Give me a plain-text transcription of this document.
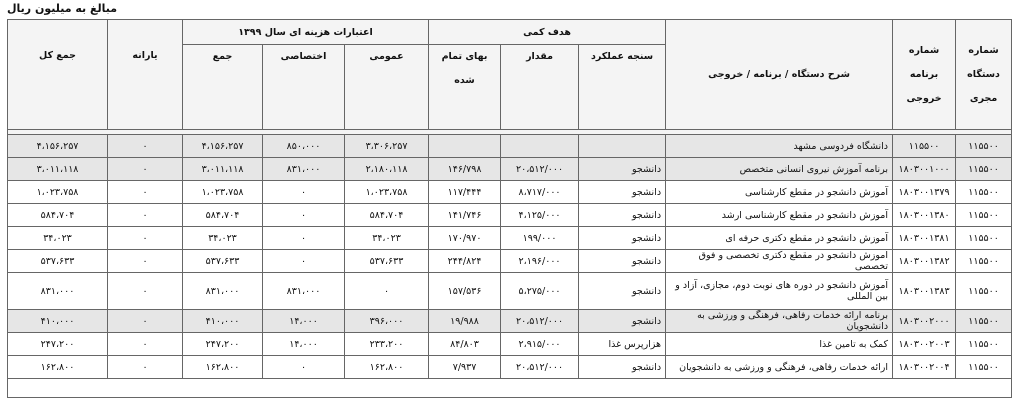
مبالغ به میلیون ریال
شماره دستگاه مجری	شماره برنامه خروجی	شرح دستگاه / برنامه / خروجی	هدف کمی			اعتبارات هزینه ای سال ۱۳۹۹			یارانه	جمع کل
			سنجه عملکرد	مقدار	بهای تمام شده	عمومی	اختصاصی	جمع		

۱۱۵۵۰۰	۱۱۵۵۰۰	دانشگاه فردوسی مشهد				۳،۳۰۶،۲۵۷	۸۵۰،۰۰۰	۴،۱۵۶،۲۵۷	۰	۴،۱۵۶،۲۵۷
۱۱۵۵۰۰	۱۸۰۳۰۰۱۰۰۰	برنامه آموزش نیروی انسانی متخصص	دانشجو	۲۰،۵۱۲/۰۰۰	۱۴۶/۷۹۸	۲،۱۸۰،۱۱۸	۸۳۱،۰۰۰	۳،۰۱۱،۱۱۸	۰	۳،۰۱۱،۱۱۸
۱۱۵۵۰۰	۱۸۰۳۰۰۱۳۷۹	آموزش دانشجو در مقطع کارشناسی	دانشجو	۸،۷۱۷/۰۰۰	۱۱۷/۴۴۴	۱،۰۲۳،۷۵۸	۰	۱،۰۲۳،۷۵۸	۰	۱،۰۲۳،۷۵۸
۱۱۵۵۰۰	۱۸۰۳۰۰۱۳۸۰	آموزش دانشجو در مقطع کارشناسی ارشد	دانشجو	۴،۱۲۵/۰۰۰	۱۴۱/۷۴۶	۵۸۴،۷۰۴	۰	۵۸۴،۷۰۴	۰	۵۸۴،۷۰۴
۱۱۵۵۰۰	۱۸۰۳۰۰۱۳۸۱	آموزش دانشجو در مقطع دکتری حرفه ای	دانشجو	۱۹۹/۰۰۰	۱۷۰/۹۷۰	۳۴،۰۲۳	۰	۳۴،۰۲۳	۰	۳۴،۰۲۳
۱۱۵۵۰۰	۱۸۰۳۰۰۱۳۸۲	آموزش دانشجو در مقطع دکتری تخصصی و فوق تخصصی	دانشجو	۲،۱۹۶/۰۰۰	۲۴۴/۸۲۴	۵۳۷،۶۳۳	۰	۵۳۷،۶۳۳	۰	۵۳۷،۶۳۳
۱۱۵۵۰۰	۱۸۰۳۰۰۱۳۸۳	آموزش دانشجو در دوره های نوبت دوم، مجازی، آزاد و بین المللی	دانشجو	۵،۲۷۵/۰۰۰	۱۵۷/۵۳۶	۰	۸۳۱،۰۰۰	۸۳۱،۰۰۰	۰	۸۳۱،۰۰۰
۱۱۵۵۰۰	۱۸۰۳۰۰۲۰۰۰	برنامه ارائه خدمات رفاهی، فرهنگی و ورزشی به دانشجویان	دانشجو	۲۰،۵۱۲/۰۰۰	۱۹/۹۸۸	۳۹۶،۰۰۰	۱۴،۰۰۰	۴۱۰،۰۰۰	۰	۴۱۰،۰۰۰
۱۱۵۵۰۰	۱۸۰۳۰۰۲۰۰۳	کمک به تامین غذا	هزارپرس غذا	۲،۹۱۵/۰۰۰	۸۴/۸۰۳	۲۳۳،۲۰۰	۱۴،۰۰۰	۲۴۷،۲۰۰	۰	۲۴۷،۲۰۰
۱۱۵۵۰۰	۱۸۰۳۰۰۲۰۰۴	ارائه خدمات رفاهی، فرهنگی و ورزشی به دانشجویان	دانشجو	۲۰،۵۱۲/۰۰۰	۷/۹۳۷	۱۶۲،۸۰۰	۰	۱۶۲،۸۰۰	۰	۱۶۲،۸۰۰
